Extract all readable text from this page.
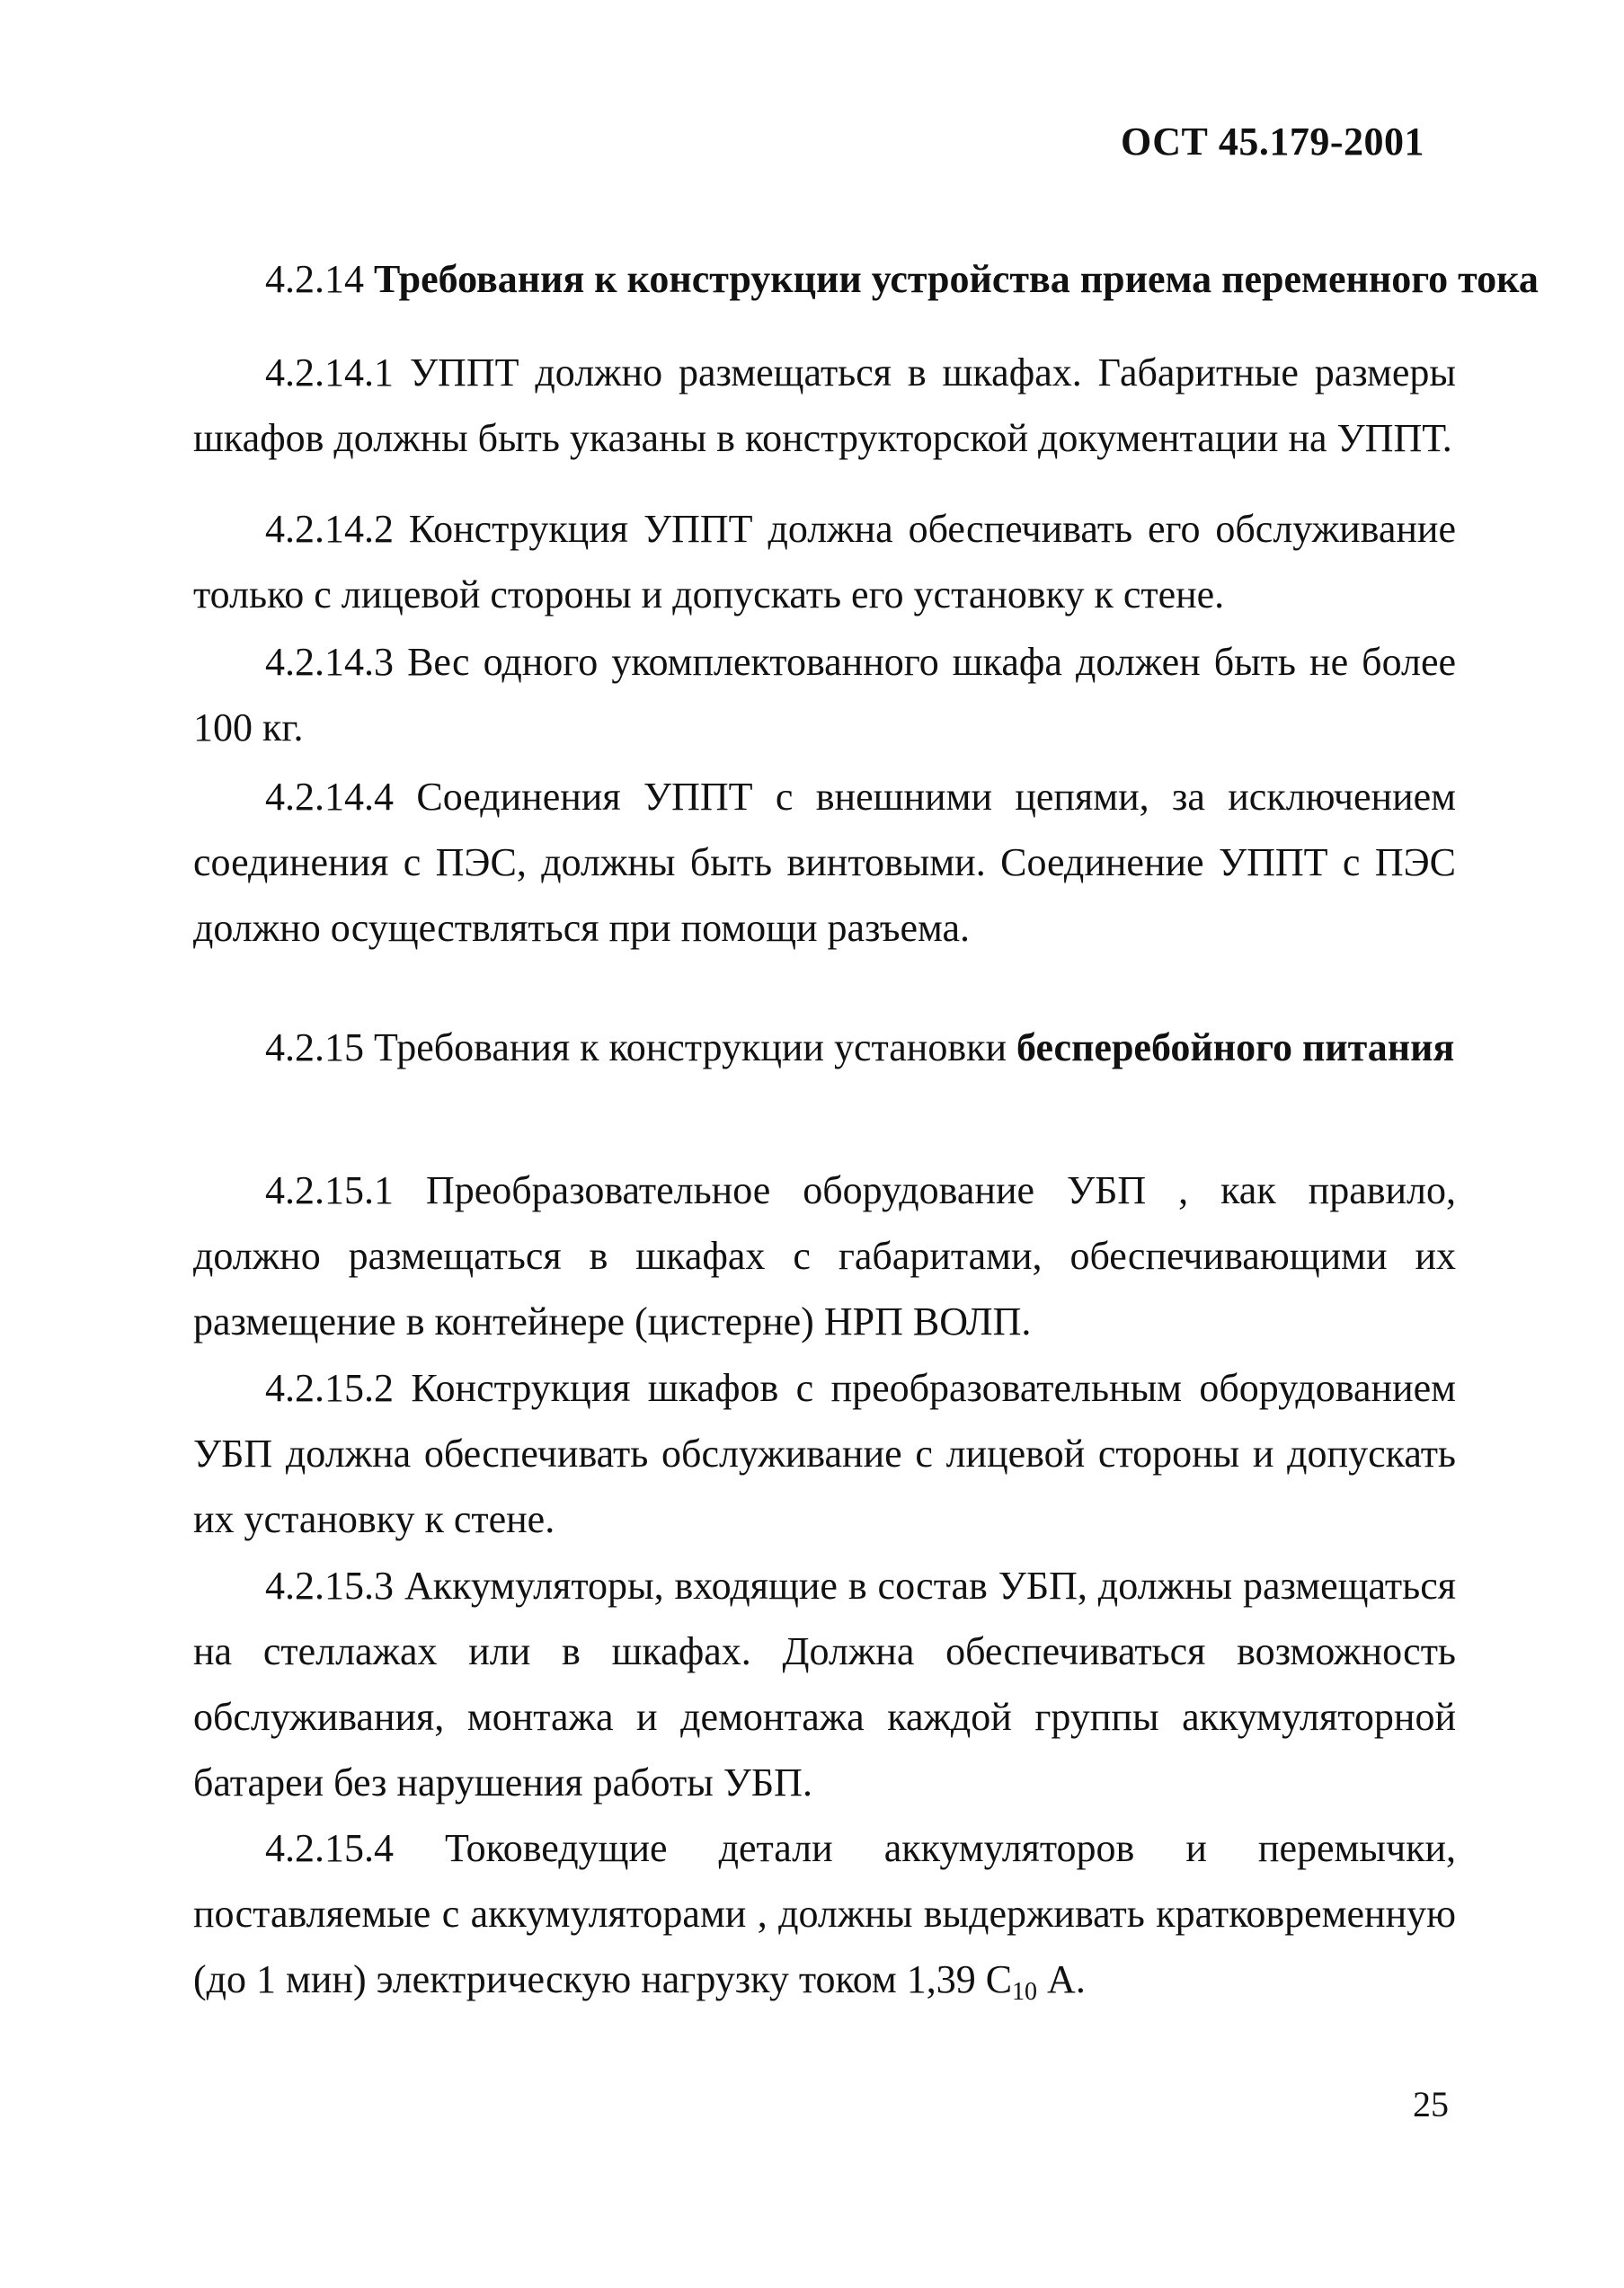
ОСТ 45.179-2001
4.2.14 Требования к конструкции устройства приема переменного тока
4.2.14.1 УППТ должно размещаться в шкафах. Габаритные размеры шкафов должны быть указаны в конструкторской документации на УППТ.
4.2.14.2 Конструкция УППТ должна обеспечивать его обслуживание только с лицевой стороны и допускать его установку к стене.
4.2.14.3 Вес одного укомплектованного шкафа должен быть не более 100 кг.
4.2.14.4 Соединения УППТ с внешними цепями, за исключением соединения с ПЭС, должны быть винтовыми. Соединение УППТ с ПЭС должно осуществляться при помощи разъема.
4.2.15 Требования к конструкции установки бесперебойного питания
4.2.15.1 Преобразовательное оборудование УБП , как правило, должно размещаться в шкафах с габаритами, обеспечивающими их размещение в контейнере (цистерне) НРП ВОЛП.
4.2.15.2 Конструкция шкафов с преобразовательным оборудованием УБП должна обеспечивать обслуживание с лицевой стороны и допускать их установку к стене.
4.2.15.3 Аккумуляторы, входящие в состав УБП, должны размещаться на стеллажах или в шкафах. Должна обеспечиваться возможность обслуживания, монтажа и демонтажа каждой группы аккумуляторной батареи без нарушения работы УБП.
4.2.15.4 Токоведущие детали аккумуляторов и перемычки, поставляемые с аккумуляторами , должны выдерживать кратковременную (до 1 мин) электрическую нагрузку током 1,39 $C_{10}$ А.
25
